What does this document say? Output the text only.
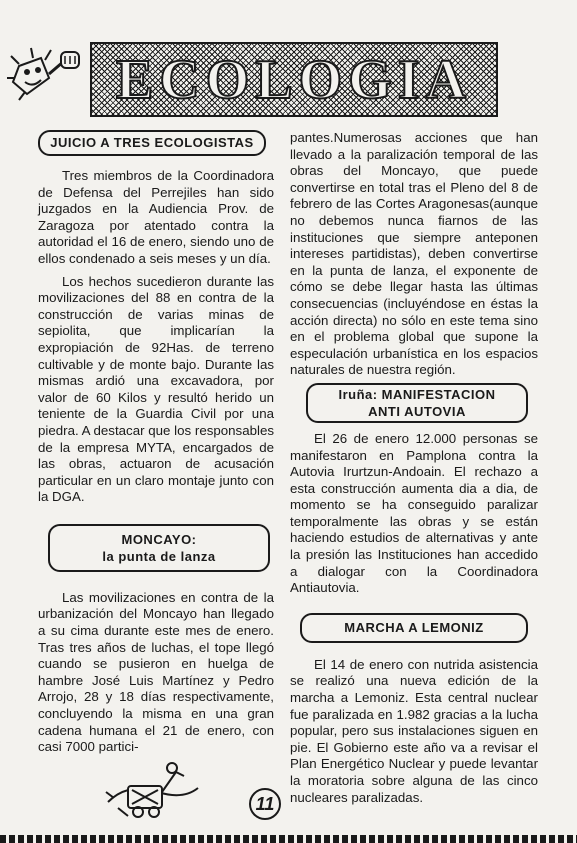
ECOLOGIA
JUICIO A TRES ECOLOGISTAS

Tres miembros de la Coordinadora de Defensa del Perrejiles han sido juzgados en la Audiencia Prov. de Zaragoza por atentado contra la autoridad el 16 de enero, siendo uno de ellos condenado a seis meses y un día.

Los hechos sucedieron durante las movilizaciones del 88 en contra de la construcción de varias minas de sepiolita, que implicarían la expropiación de 92Has. de terreno cultivable y de monte bajo. Durante las mismas ardió una excavadora, por valor de 60 Kilos y resultó herido un teniente de la Guardia Civil por una piedra. A destacar que los responsables de la empresa MYTA, encargados de las obras, actuaron de acusación particular en un claro montaje junto con la DGA.

MONCAYO:
la punta de lanza

Las movilizaciones en contra de la urbanización del Moncayo han llegado a su cima durante este mes de enero. Tras tres años de luchas, el tope llegó cuando se pusieron en huelga de hambre José Luis Martínez y Pedro Arrojo, 28 y 18 días respectivamente, concluyendo la misma en una gran cadena humana el 21 de enero, con casi 7000 partici-

pantes.Numerosas acciones que han llevado a la paralización temporal de las obras del Moncayo, que puede convertirse en total tras el Pleno del 8 de febrero de las Cortes Aragonesas(aunque no debemos nunca fiarnos de las instituciones que siempre anteponen intereses partidistas), deben convertirse en la punta de lanza, el exponente de cómo se debe llegar hasta las últimas consecuencias (incluyéndose en éstas la acción directa) no sólo en este tema sino en el problema global que supone la especulación urbanística en los espacios naturales de nuestra región.

Iruña: MANIFESTACION
ANTI AUTOVIA

El 26 de enero 12.000 personas se manifestaron en Pamplona contra la Autovia Irurtzun-Andoain. El rechazo a esta construcción aumenta dia a dia, de momento se ha conseguido paralizar temporalmente las obras y se están haciendo estudios de alternativas y ante la presión las Instituciones han accedido a dialogar con la Coordinadora Antiautovia.

MARCHA A LEMONIZ

El 14 de enero con nutrida asistencia se realizó una nueva edición de la marcha a Lemoniz. Esta central nuclear fue paralizada en 1.982 gracias a la lucha popular, pero sus instalaciones siguen en pie. El Gobierno este año va a revisar el Plan Energético Nuclear y puede levantar la moratoria sobre alguna de las cinco nucleares paralizadas.

11
